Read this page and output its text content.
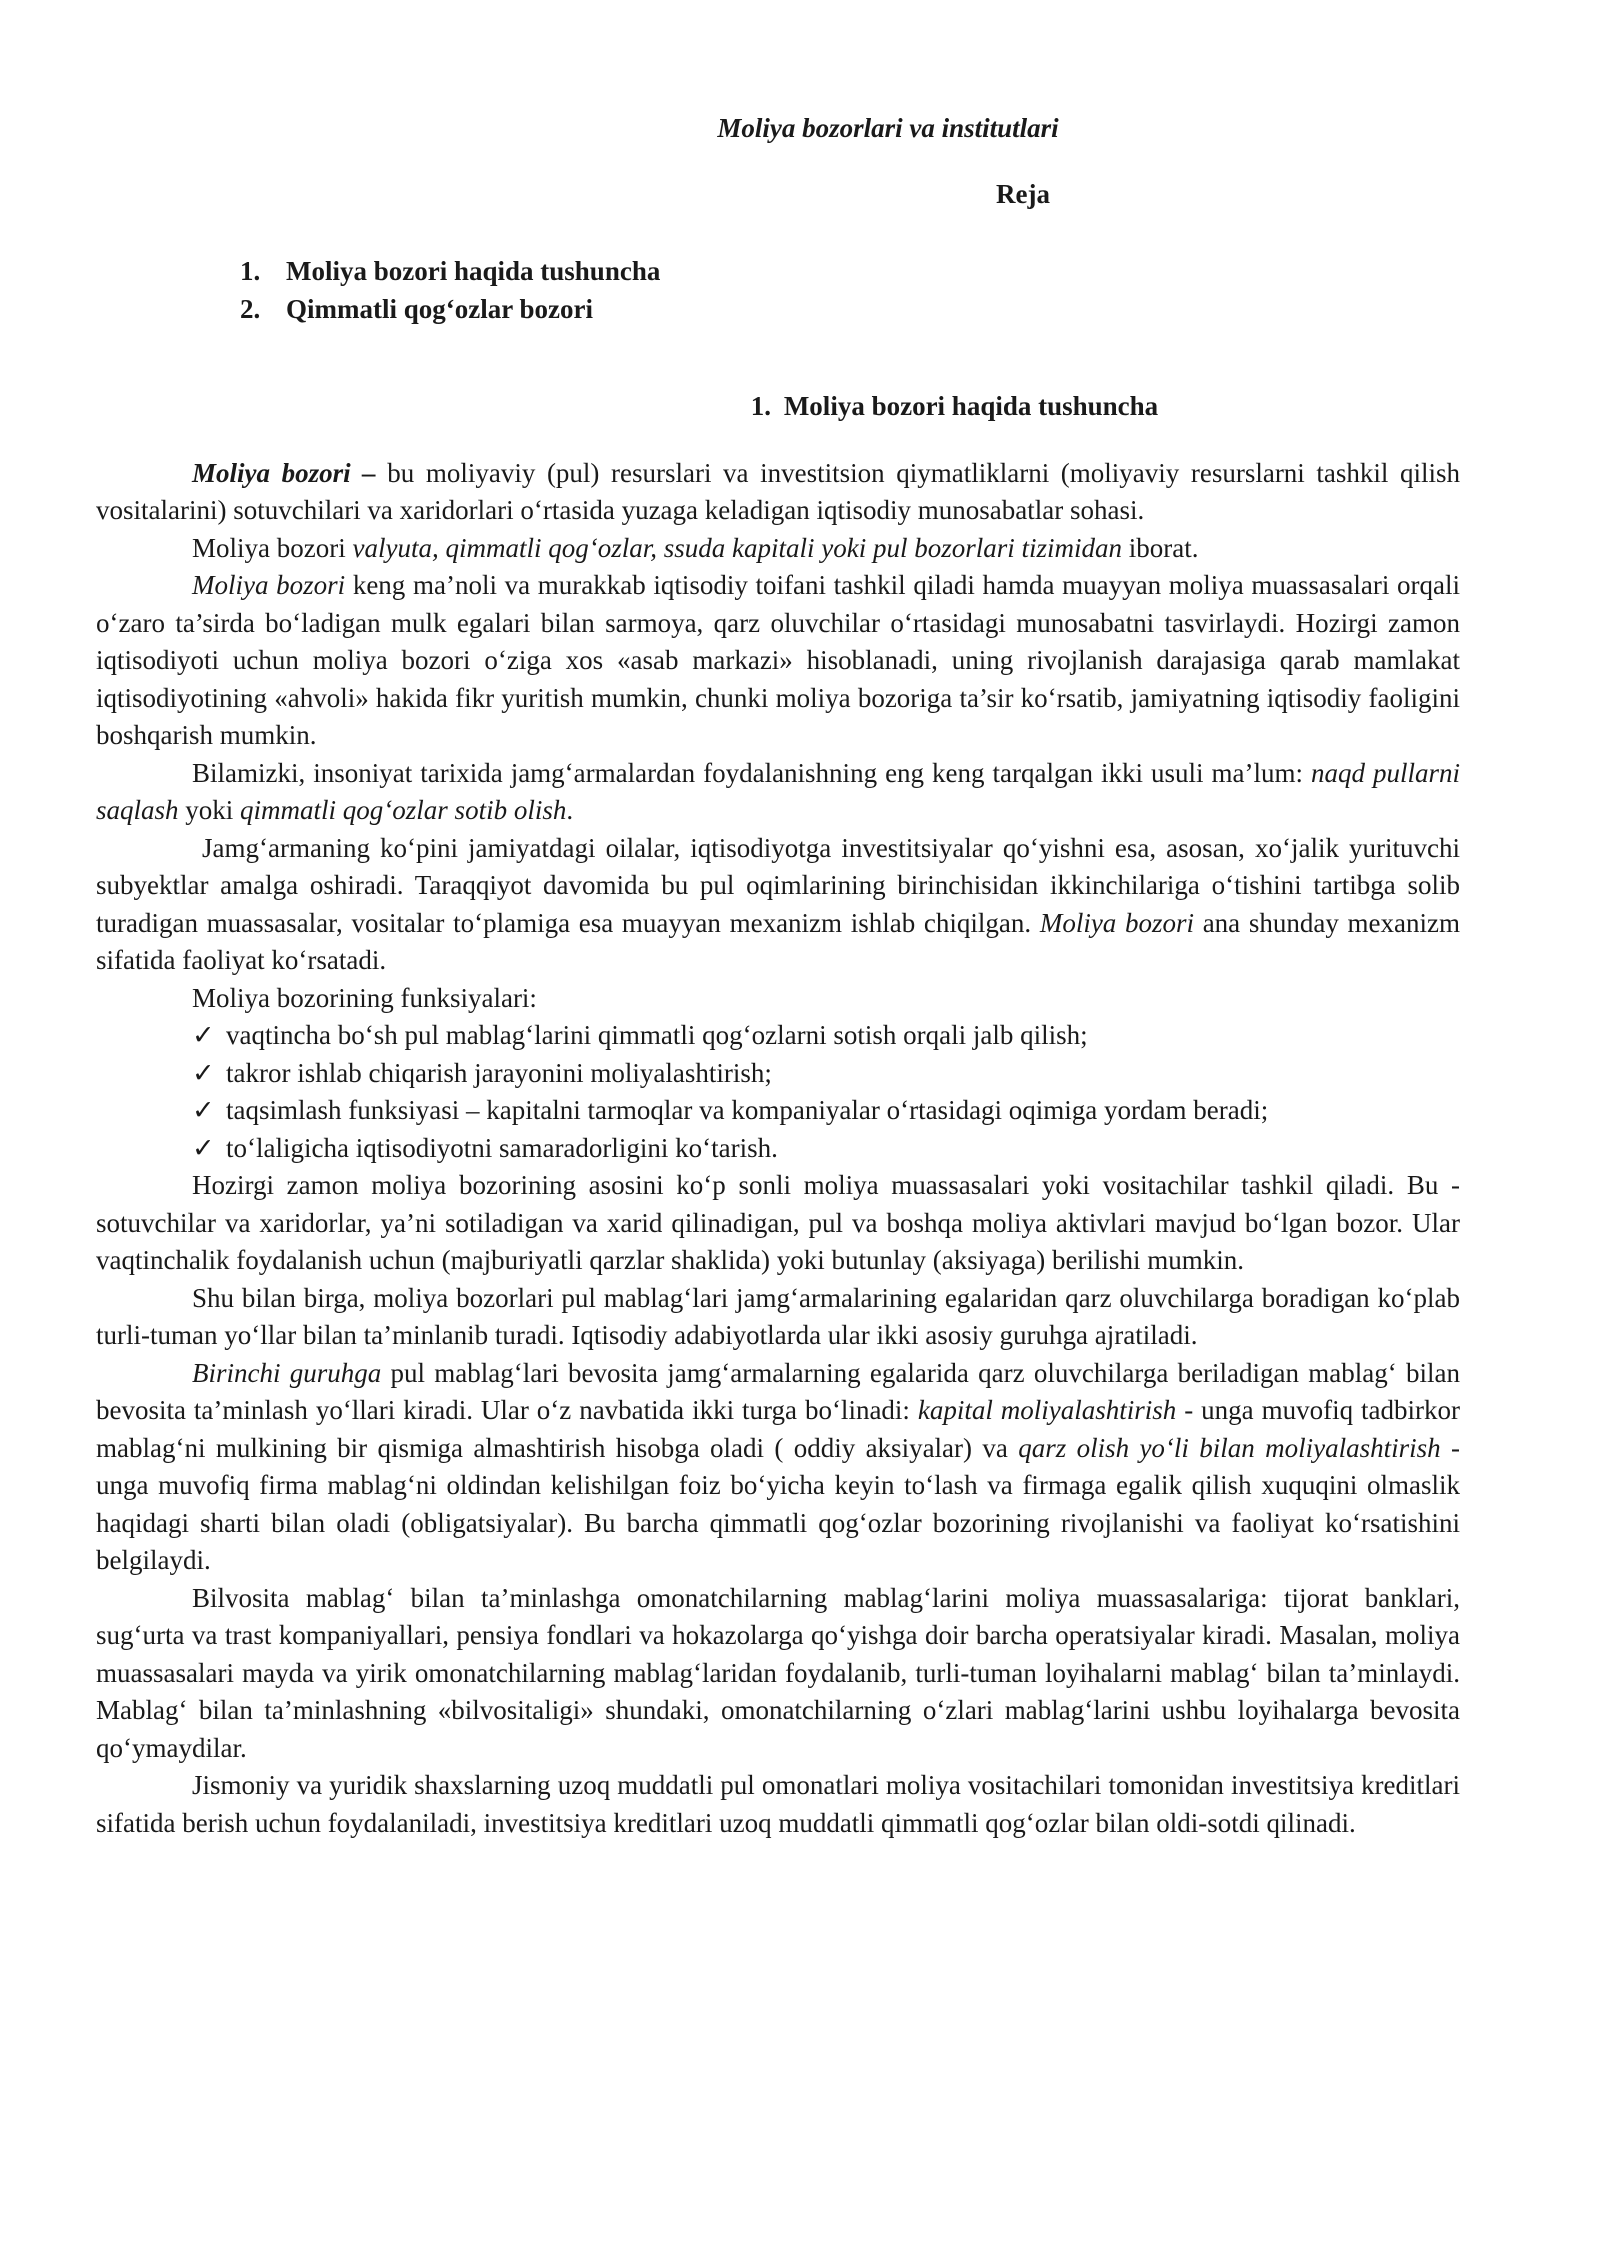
Moliya bozorlari va institutlari
Reja
1. Moliya bozori haqida tushuncha
2. Qimmatli qog‘ozlar bozori
1. Moliya bozori haqida tushuncha

Moliya bozori – bu moliyaviy (pul) resurslari va investitsion qiymatliklarni (moliyaviy resurslarni tashkil qilish vositalarini) sotuvchilari va xaridorlari o‘rtasida yuzaga keladigan iqtisodiy munosabatlar sohasi.

Moliya bozori valyuta, qimmatli qog‘ozlar, ssuda kapitali yoki pul bozorlari tizimidan iborat.

Moliya bozori keng ma’noli va murakkab iqtisodiy toifani tashkil qiladi hamda muayyan moliya muassasalari orqali o‘zaro ta’sirda bo‘ladigan mulk egalari bilan sarmoya, qarz oluvchilar o‘rtasidagi munosabatni tasvirlaydi. Hozirgi zamon iqtisodiyoti uchun moliya bozori o‘ziga xos «asab markazi» hisoblanadi, uning rivojlanish darajasiga qarab mamlakat iqtisodiyotining «ahvoli» hakida fikr yuritish mumkin, chunki moliya bozoriga ta’sir ko‘rsatib, jamiyatning iqtisodiy faoligini boshqarish mumkin.

Bilamizki, insoniyat tarixida jamg‘armalardan foydalanishning eng keng tarqalgan ikki usuli ma’lum: naqd pullarni saqlash yoki qimmatli qog‘ozlar sotib olish.

Jamg‘armaning ko‘pini jamiyatdagi oilalar, iqtisodiyotga investitsiyalar qo‘yishni esa, asosan, xo‘jalik yurituvchi subyektlar amalga oshiradi. Taraqqiyot davomida bu pul oqimlarining birinchisidan ikkinchilariga o‘tishini tartibga solib turadigan muassasalar, vositalar to‘plamiga esa muayyan mexanizm ishlab chiqilgan. Moliya bozori ana shunday mexanizm sifatida faoliyat ko‘rsatadi.

Moliya bozorining funksiyalari:

✓ vaqtincha bo‘sh pul mablag‘larini qimmatli qog‘ozlarni sotish orqali jalb qilish;
✓ takror ishlab chiqarish jarayonini moliyalashtirish;

✓ taqsimlash funksiyasi – kapitalni tarmoqlar va kompaniyalar o‘rtasidagi oqimiga yordam beradi;

✓ to‘laligicha iqtisodiyotni samaradorligini ko‘tarish.

Hozirgi zamon moliya bozorining asosini ko‘p sonli moliya muassasalari yoki vositachilar tashkil qiladi. Bu - sotuvchilar va xaridorlar, ya’ni sotiladigan va xarid qilinadigan, pul va boshqa moliya aktivlari mavjud bo‘lgan bozor. Ular vaqtinchalik foydalanish uchun (majburiyatli qarzlar shaklida) yoki butunlay (aksiyaga) berilishi mumkin.

Shu bilan birga, moliya bozorlari pul mablag‘lari jamg‘armalarining egalaridan qarz oluvchilarga boradigan ko‘plab turli-tuman yo‘llar bilan ta’minlanib turadi. Iqtisodiy adabiyotlarda ular ikki asosiy guruhga ajratiladi.

Birinchi guruhga pul mablag‘lari bevosita jamg‘armalarning egalarida qarz oluvchilarga beriladigan mablag‘ bilan bevosita ta’minlash yo‘llari kiradi. Ular o‘z navbatida ikki turga bo‘linadi: kapital moliyalashtirish - unga muvofiq tadbirkor mablag‘ni mulkining bir qismiga almashtirish hisobga oladi ( oddiy aksiyalar) va qarz olish yo‘li bilan moliyalashtirish - unga muvofiq firma mablag‘ni oldindan kelishilgan foiz bo‘yicha keyin to‘lash va firmaga egalik qilish xuquqini olmaslik haqidagi sharti bilan oladi (obligatsiyalar). Bu barcha qimmatli qog‘ozlar bozorining rivojlanishi va faoliyat ko‘rsatishini belgilaydi.

Bilvosita mablag‘ bilan ta’minlashga omonatchilarning mablag‘larini moliya muassasalariga: tijorat banklari, sug‘urta va trast kompaniyallari, pensiya fondlari va hokazolarga qo‘yishga doir barcha operatsiyalar kiradi. Masalan, moliya muassasalari mayda va yirik omonatchilarning mablag‘laridan foydalanib, turli-tuman loyihalarni mablag‘ bilan ta’minlaydi. Mablag‘ bilan ta’minlashning «bilvositaligi» shundaki, omonatchilarning o‘zlari mablag‘larini ushbu loyihalarga bevosita qo‘ymaydilar.

Jismoniy va yuridik shaxslarning uzoq muddatli pul omonatlari moliya vositachilari tomonidan investitsiya kreditlari sifatida berish uchun foydalaniladi, investitsiya kreditlari uzoq muddatli qimmatli qog‘ozlar bilan oldi-sotdi qilinadi.
